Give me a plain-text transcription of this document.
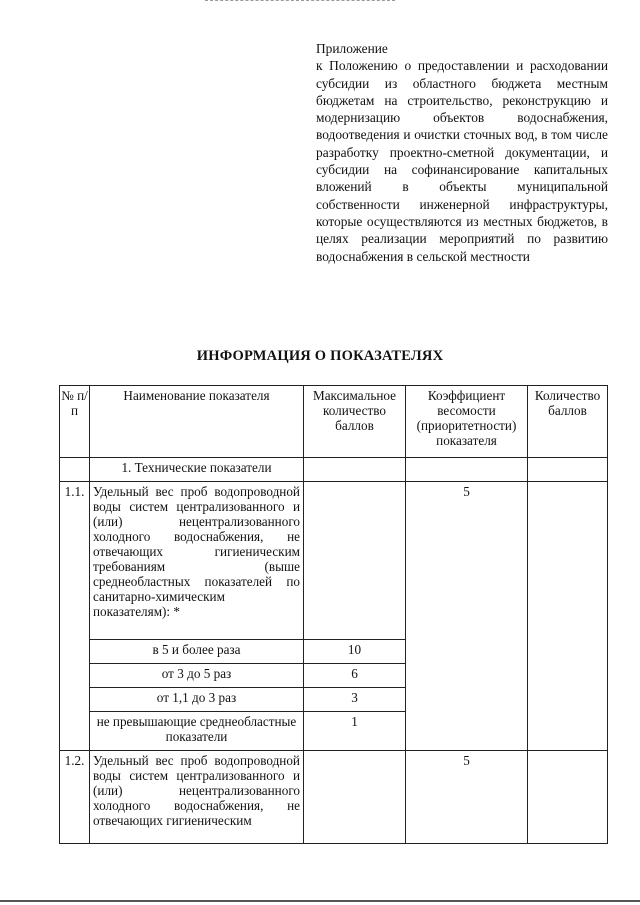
Приложение
к Положению о предоставлении и расходовании субсидии из областного бюджета местным бюджетам на строительство, реконструкцию и модернизацию объектов водоснабжения, водоотведения и очистки сточных вод, в том числе разработку проектно-сметной документации, и субсидии на софинансирование капитальных вложений в объекты муниципальной собственности инженерной инфраструктуры, которые осуществляются из местных бюджетов, в целях реализации мероприятий по развитию водоснабжения в сельской местности
ИНФОРМАЦИЯ О ПОКАЗАТЕЛЯХ
№ п/п	Наименование показателя	Максимальное количество баллов	Коэффициент весомости (приоритетности) показателя	Количество баллов
	1. Технические показатели			
1.1.	Удельный вес проб водопроводной воды систем централизованного и (или) нецентрализованного холодного водоснабжения, не отвечающих гигиеническим требованиям (выше среднеобластных показателей по санитарно-химическим показателям): *		5	
	в 5 и более раза	10		
	от 3 до 5 раз	6		
	от 1,1 до 3 раз	3		
	не превышающие среднеобластные показатели	1		
1.2.	Удельный вес проб водопроводной воды систем централизованного и (или) нецентрализованного холодного водоснабжения, не отвечающих гигиеническим		5	
